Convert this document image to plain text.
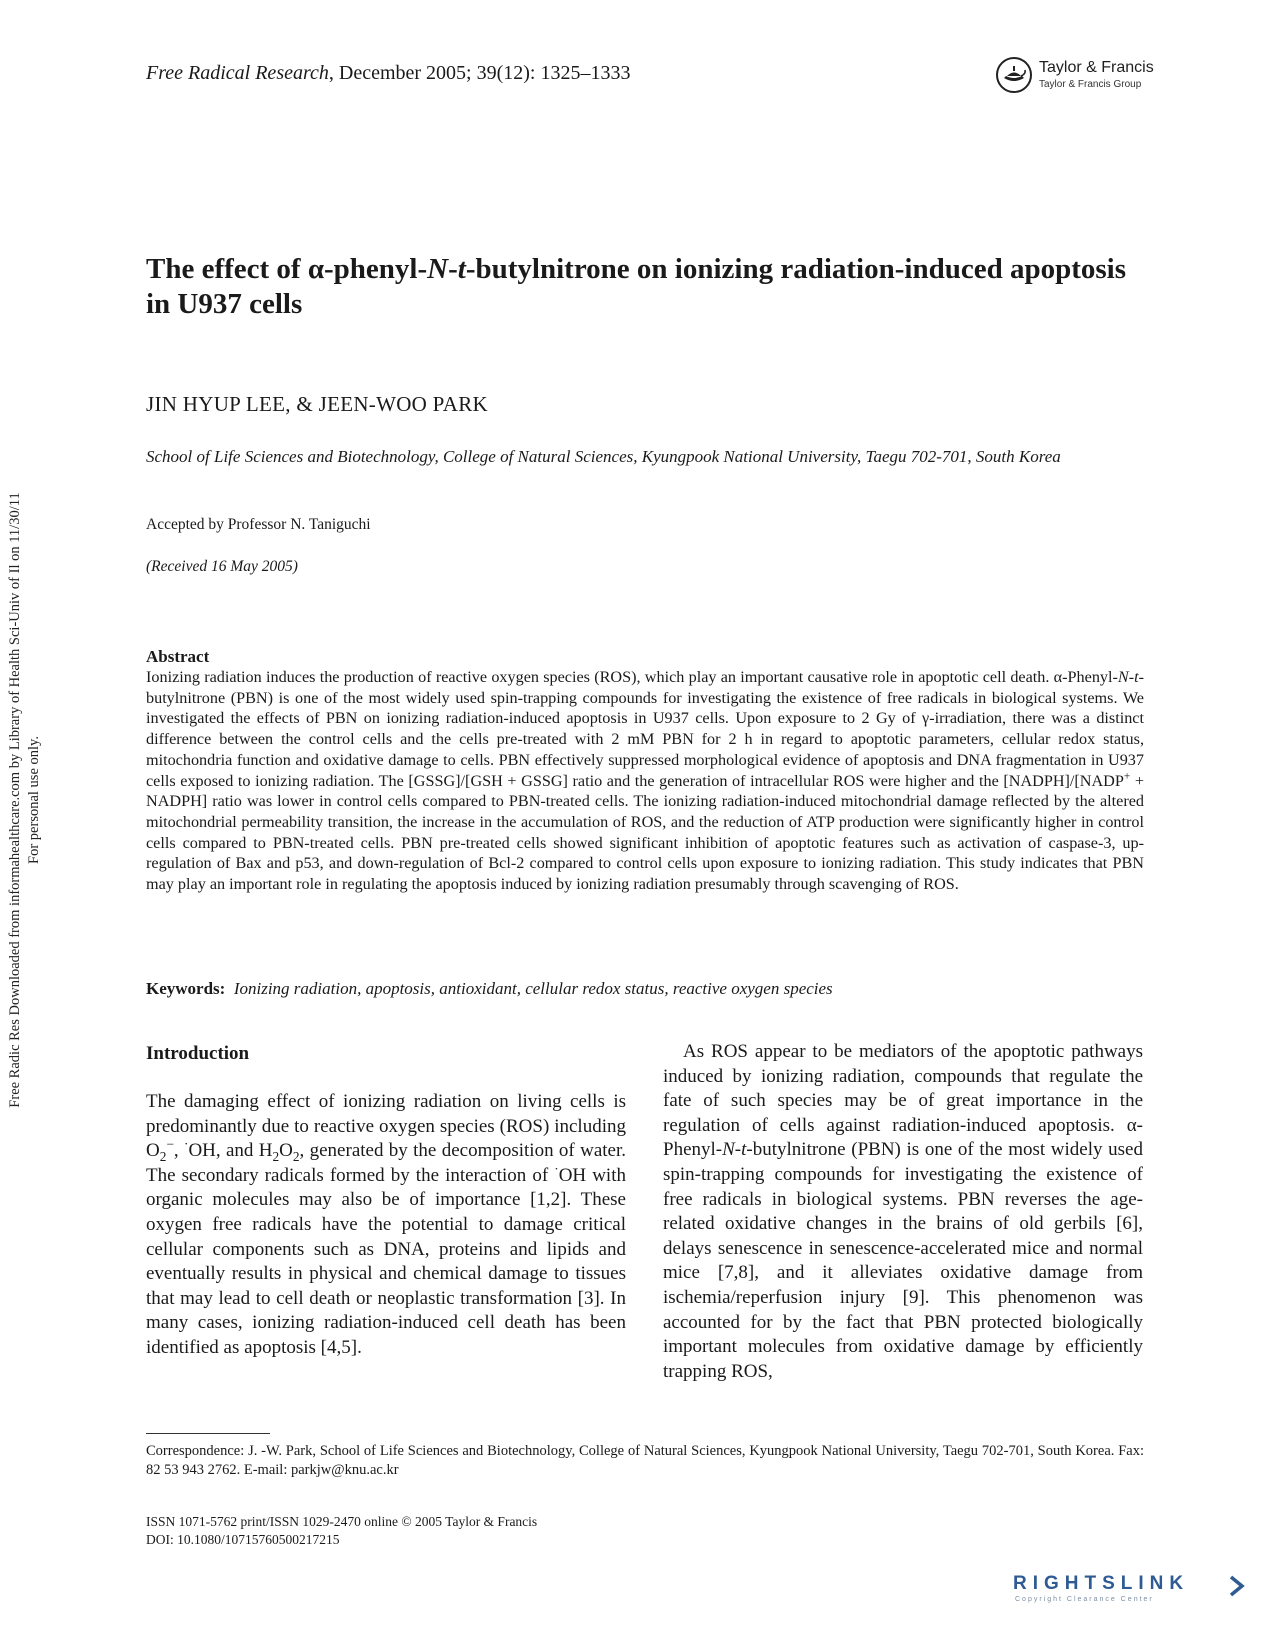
Free Radic Res Downloaded from informahealthcare.com by Library of Health Sci-Univ of Il on 11/30/11 For personal use only.
Free Radical Research, December 2005; 39(12): 1325–1333	Taylor & Francis
Taylor & Francis Group
The effect of α-phenyl-N-t-butylnitrone on ionizing radiation-induced apoptosis in U937 cells
JIN HYUP LEE, & JEEN-WOO PARK
School of Life Sciences and Biotechnology, College of Natural Sciences, Kyungpook National University, Taegu 702-701, South Korea
Accepted by Professor N. Taniguchi
(Received 16 May 2005)
Abstract

Ionizing radiation induces the production of reactive oxygen species (ROS), which play an important causative role in apoptotic cell death. α-Phenyl-N-t-butylnitrone (PBN) is one of the most widely used spin-trapping compounds for investigating the existence of free radicals in biological systems. We investigated the effects of PBN on ionizing radiation-induced apoptosis in U937 cells. Upon exposure to 2 Gy of γ-irradiation, there was a distinct difference between the control cells and the cells pre-treated with 2 mM PBN for 2 h in regard to apoptotic parameters, cellular redox status, mitochondria function and oxidative damage to cells. PBN effectively suppressed morphological evidence of apoptosis and DNA fragmentation in U937 cells exposed to ionizing radiation. The [GSSG]/[GSH + GSSG] ratio and the generation of intracellular ROS were higher and the [NADPH]/[NADP+ + NADPH] ratio was lower in control cells compared to PBN-treated cells. The ionizing radiation-induced mitochondrial damage reflected by the altered mitochondrial permeability transition, the increase in the accumulation of ROS, and the reduction of ATP production were significantly higher in control cells compared to PBN-treated cells. PBN pre-treated cells showed significant inhibition of apoptotic features such as activation of caspase-3, up-regulation of Bax and p53, and down-regulation of Bcl-2 compared to control cells upon exposure to ionizing radiation. This study indicates that PBN may play an important role in regulating the apoptosis induced by ionizing radiation presumably through scavenging of ROS.

Keywords: Ionizing radiation, apoptosis, antioxidant, cellular redox status, reactive oxygen species
Introduction

The damaging effect of ionizing radiation on living cells is predominantly due to reactive oxygen species (ROS) including $O_2^-$, ·OH, and $H_2O_2$, generated by the decomposition of water. The secondary radicals formed by the interaction of ·OH with organic molecules may also be of importance [1,2]. These oxygen free radicals have the potential to damage critical cellular components such as DNA, proteins and lipids and eventually results in physical and chemical damage to tissues that may lead to cell death or neoplastic transformation [3]. In many cases, ionizing radiation-induced cell death has been identified as apoptosis [4,5].

As ROS appear to be mediators of the apoptotic pathways induced by ionizing radiation, compounds that regulate the fate of such species may be of great importance in the regulation of cells against radiation-induced apoptosis. α-Phenyl-N-t-butylnitrone (PBN) is one of the most widely used spin-trapping compounds for investigating the existence of free radicals in biological systems. PBN reverses the age-related oxidative changes in the brains of old gerbils [6], delays senescence in senescence-accelerated mice and normal mice [7,8], and it alleviates oxidative damage from ischemia/reperfusion injury [9]. This phenomenon was accounted for by the fact that PBN protected biologically important molecules from oxidative damage by efficiently trapping ROS,

Correspondence: J. -W. Park, School of Life Sciences and Biotechnology, College of Natural Sciences, Kyungpook National University, Taegu 702-701, South Korea. Fax: 82 53 943 2762. E-mail: parkjw@knu.ac.kr
ISSN 1071-5762 print/ISSN 1029-2470 online © 2005 Taylor & Francis
DOI: 10.1080/10715760500217215
RIGHTSLINK
Copyright Clearance Center
